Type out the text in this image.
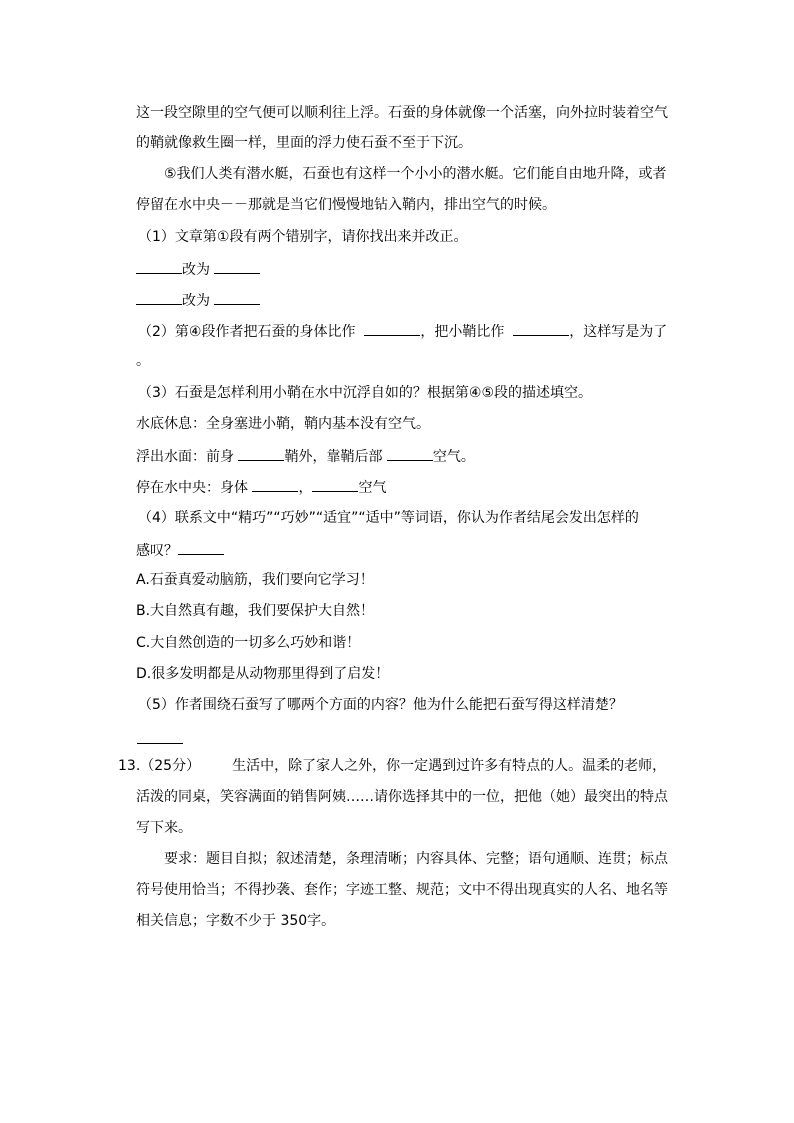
这一段空隙里的空气便可以顺利往上浮。石蚕的身体就像一个活塞，向外拉时装着空气
的鞘就像救生圈一样，里面的浮力使石蚕不至于下沉。
⑤我们人类有潜水艇，石蚕也有这样一个小小的潜水艇。它们能自由地升降，或者
停留在水中央－－那就是当它们慢慢地钻入鞘内，排出空气的时候。
（1）文章第①段有两个错别字，请你找出来并改正。
改为
改为
（2）第④段作者把石蚕的身体比作	，把小鞘比作	，这样写是为了
。
（3）石蚕是怎样利用小鞘在水中沉浮自如的？根据第④⑤段的描述填空。
水底休息：全身塞进小鞘，鞘内基本没有空气。
浮出水面：前身	鞘外，靠鞘后部	空气。
停在水中央：身体	，	空气
（4）联系文中“精巧”“巧妙”“适宜”“适中”等词语，你认为作者结尾会发出怎样的
感叹？
A.石蚕真爱动脑筋，我们要向它学习！
B.大自然真有趣，我们要保护大自然！
C.大自然创造的一切多么巧妙和谐！
D.很多发明都是从动物那里得到了启发！
（5）作者围绕石蚕写了哪两个方面的内容？他为什么能把石蚕写得这样清楚？
13.（25分） 生活中，除了家人之外，你一定遇到过许多有特点的人。温柔的老师，
活泼的同桌，笑容满面的销售阿姨……请你选择其中的一位，把他（她）最突出的特点
写下来。
要求：题目自拟；叙述清楚，条理清晰；内容具体、完整；语句通顺、连贯；标点
符号使用恰当；不得抄袭、套作；字迹工整、规范；文中不得出现真实的人名、地名等
相关信息；字数不少于 350字。
